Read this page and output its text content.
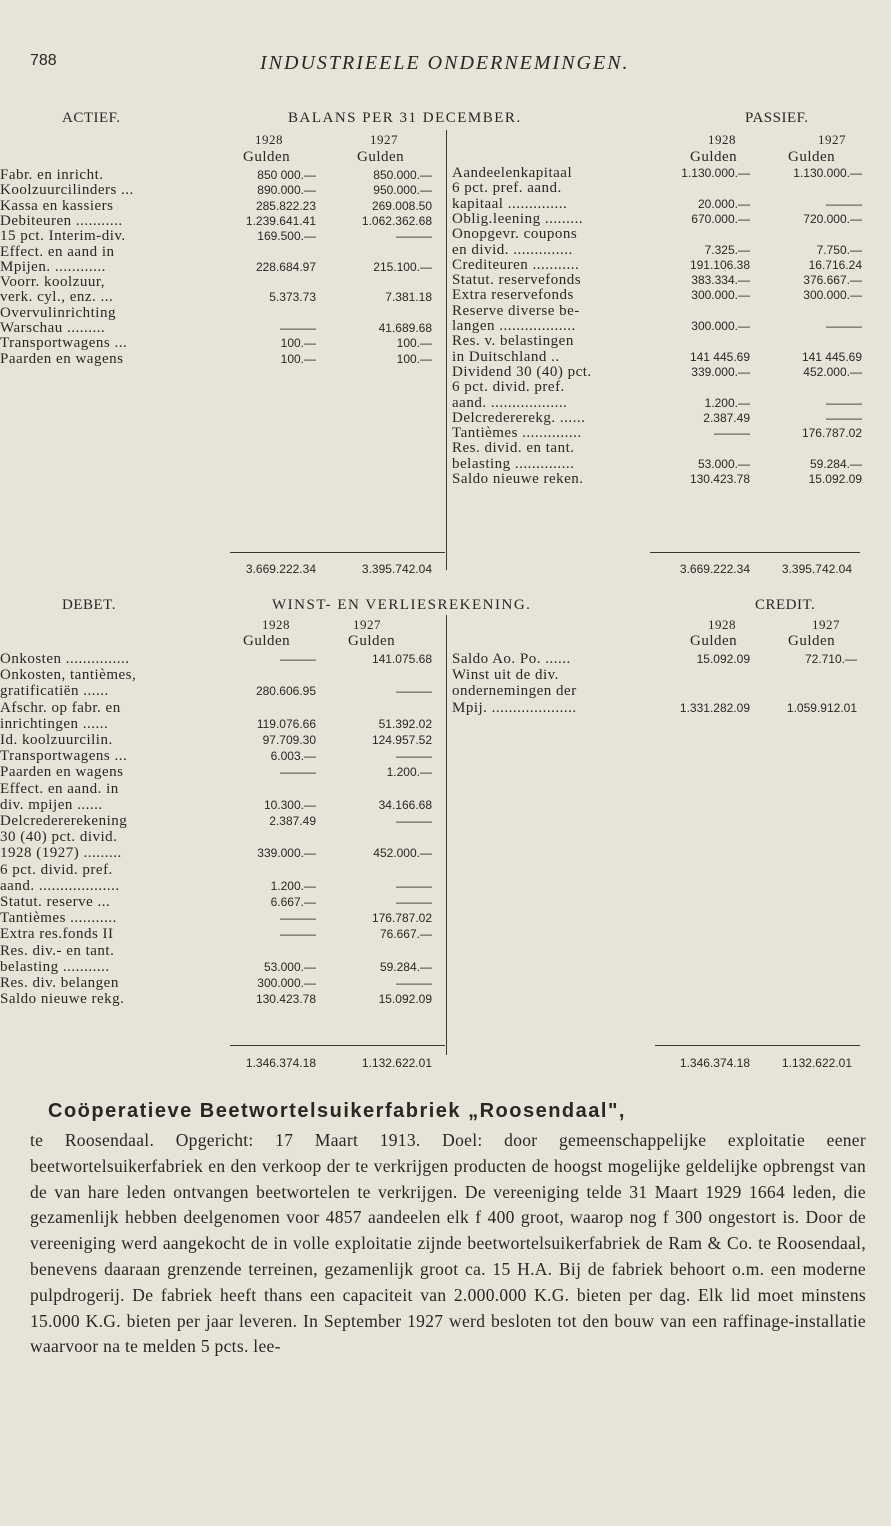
788	INDUSTRIEELE ONDERNEMINGEN.
ACTIEF.	BALANS PER 31 DECEMBER.	PASSIEF.
1928	1927
Gulden	Gulden
1928	1927
Gulden	Gulden
Fabr. en inricht.	850 000.—	850.000.—
Koolzuurcilinders ...	890.000.—	950.000.—
Kassa en kassiers	285.822.23	269.008.50
Debiteuren ...........	1.239.641.41	1.062.362.68
15 pct. Interim-div.	169.500.—	———
Effect. en aand in
Mpijen. ............	228.684.97	215.100.—
Voorr. koolzuur,
verk. cyl., enz. ...	5.373.73	7.381.18
Overvulinrichting
Warschau .........	———	41.689.68
Transportwagens ...	100.—	100.—
Paarden en wagens	100.—	100.—
Aandeelenkapitaal	1.130.000.—	1.130.000.—
6 pct. pref. aand.
kapitaal ..............	20.000.—	———
Oblig.leening .........	670.000.—	720.000.—
Onopgevr. coupons
en divid. ..............	7.325.—	7.750.—
Crediteuren ...........	191.106.38	16.716.24
Statut. reservefonds	383.334.—	376.667.—
Extra reservefonds	300.000.—	300.000.—
Reserve diverse be-
langen ..................	300.000.—	———
Res. v. belastingen
in Duitschland ..	141 445.69	141 445.69
Dividend 30 (40) pct.	339.000.—	452.000.—
6 pct. divid. pref.
aand. ..................	1.200.—	———
Delcredererekg. ......	2.387.49	———
Tantièmes ..............	———	176.787.02
Res. divid. en tant.
belasting ..............	53.000.—	59.284.—
Saldo nieuwe reken.	130.423.78	15.092.09
3.669.222.34	3.395.742.04	3.669.222.34	3.395.742.04
DEBET.	WINST- EN VERLIESREKENING.	CREDIT.
1928	1927
Gulden	Gulden
1928	1927
Gulden	Gulden
Onkosten ...............	———	141.075.68
Onkosten, tantièmes,
gratificatiën ......	280.606.95	———
Afschr. op fabr. en
inrichtingen ......	119.076.66	51.392.02
Id. koolzuurcilin.	97.709.30	124.957.52
Transportwagens ...	6.003.—	———
Paarden en wagens	———	1.200.—
Effect. en aand. in
div. mpijen ......	10.300.—	34.166.68
Delcredererekening	2.387.49	———
30 (40) pct. divid.
1928 (1927) .........	339.000.—	452.000.—
6 pct. divid. pref.
aand. ...................	1.200.—	———
Statut. reserve ...	6.667.—	———
Tantièmes ...........	———	176.787.02
Extra res.fonds II	———	76.667.—
Res. div.- en tant.
belasting ...........	53.000.—	59.284.—
Res. div. belangen	300.000.—	———
Saldo nieuwe rekg.	130.423.78	15.092.09
Saldo Ao. Po. ......	15.092.09	72.710.—
Winst uit de div.
ondernemingen der
Mpij. ....................	1.331.282.09	1.059.912.01
1.346.374.18	1.132.622.01	1.346.374.18	1.132.622.01
Coöperatieve Beetwortelsuikerfabriek „Roosendaal",
te Roosendaal. Opgericht: 17 Maart 1913. Doel: door gemeenschappelijke exploitatie eener beetwortelsuikerfabriek en den verkoop der te verkrijgen producten de hoogst mogelijke geldelijke opbrengst van de van hare leden ontvangen beetwortelen te verkrijgen. De vereeniging telde 31 Maart 1929 1664 leden, die gezamenlijk hebben deelgenomen voor 4857 aandeelen elk f 400 groot, waarop nog f 300 ongestort is. Door de vereeniging werd aangekocht de in volle exploitatie zijnde beetwortelsuikerfabriek de Ram & Co. te Roosendaal, benevens daaraan grenzende terreinen, gezamenlijk groot ca. 15 H.A. Bij de fabriek behoort o.m. een moderne pulpdrogerij. De fabriek heeft thans een capaciteit van 2.000.000 K.G. bieten per dag. Elk lid moet minstens 15.000 K.G. bieten per jaar leveren. In September 1927 werd besloten tot den bouw van een raffinage-installatie waarvoor na te melden 5 pcts. lee-
